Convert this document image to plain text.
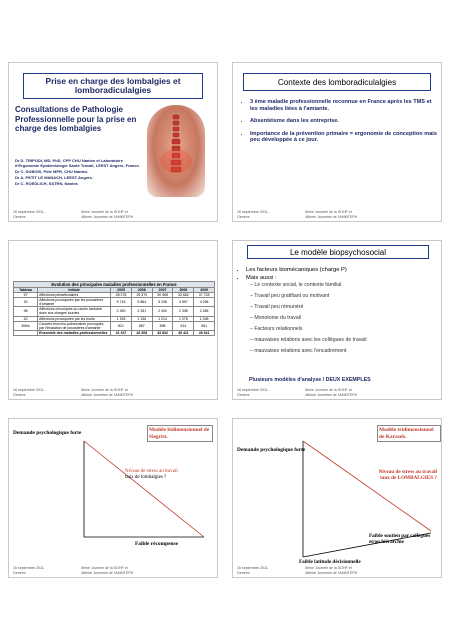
Prise en charge des lombalgies et lomboradiculalgies
Consultations de Pathologie Professionnelle pour la prise en charge des lombalgies
Dr D. TRIPODI, MD, PhD, CPP CHU Nantes et Laboratoire d'Ergonomie Epidémiologie Santé Travail, LEEST Angers, France.
Dr C. DUBOIS, Pôle MPR, CHU Nantes.
Dr A. PETIT LE MANACH, LEEST Angers.
Dr C. ROEDLICH, SSTRN, Nantes
16 septembre 2011,
Genève
5ème Journée de la SOHF et
48ème Journées de l'AMMTEPH
Contexte des lomboradiculalgies
• 3 ème maladie professionnelle reconnue en France après les TMS et les maladies liées à l'amiante.
• Absentéisme dans les entreprise.
• Importance de la prévention primaire = ergonomie de conception mais peu développée à ce jour.
16 septembre 2011,
Genève
5ème Journée de la SOHF et
48ème Journées de l'AMMTEPH
Evolution des principales maladies professionnelles en France
Tableau	Intitulé	2005	2006	2007	2008	2009
57	Affections périarticulaires	28 278	29 379	30 968	33 682	37 728
30	Affections provoquées par les poussières d'amiante	5 715	5 864	5 238	4 597	4 296
98	Affections chroniques du rachis lombaire dues aux charges lourdes	2 269	2 251	2 400	2 338	2 485
42	Affections provoquées par les bruits	1 155	1 136	1 214	1 076	1 048
30bis	Cancers broncho-pulmonaires provoqués par l'inhalation de poussières d'amiante	821	887	898	914	961
	Ensemble des maladies professionnelles	41 347	42 306	43 832	45 411	49 341
16 septembre 2011,
Genève
5ème Journée de la SOHF et
48ème Journées de l'AMMTEPH
Le modèle biopsychosocial
• Les facteurs biomécaniques (charge P)
• Mais aussi :
– Le contexte social, le contexte familial
– Travail peu gratifiant ou motivant
– Travail peu rémunéré
– Monotonie du travail
– Facteurs relationnels
– mauvaises relations avec les collègues de travail
– mauvaises relations avec l'encadrement
Plusieurs modèles d'analyse / DEUX EXEMPLES
16 septembre 2011,
Genève
5ème Journée de la SOHF et
48ème Journées de l'AMMTEPH
Demande psychologique forte	Modèle bidimensionnel de Siegrist.
Niveau de stress au travail
taux de lombalgies ?
Faible récompense
16 septembre 2011,
Genève
5ème Journée de la SOHF et
48ème Journées de l'AMMTEPH
Demande psychologique forte
Modèle tridimensionnel de Karasek.
Niveau de stress au travail
taux de LOMBALGIES ?
Faible soutien par collègues et/ou hiérarchie
Faible latitude décisionnelle
16 septembre 2011,
Genève
5ème Journée de la SOHF et
48ème Journées de l'AMMTEPH
